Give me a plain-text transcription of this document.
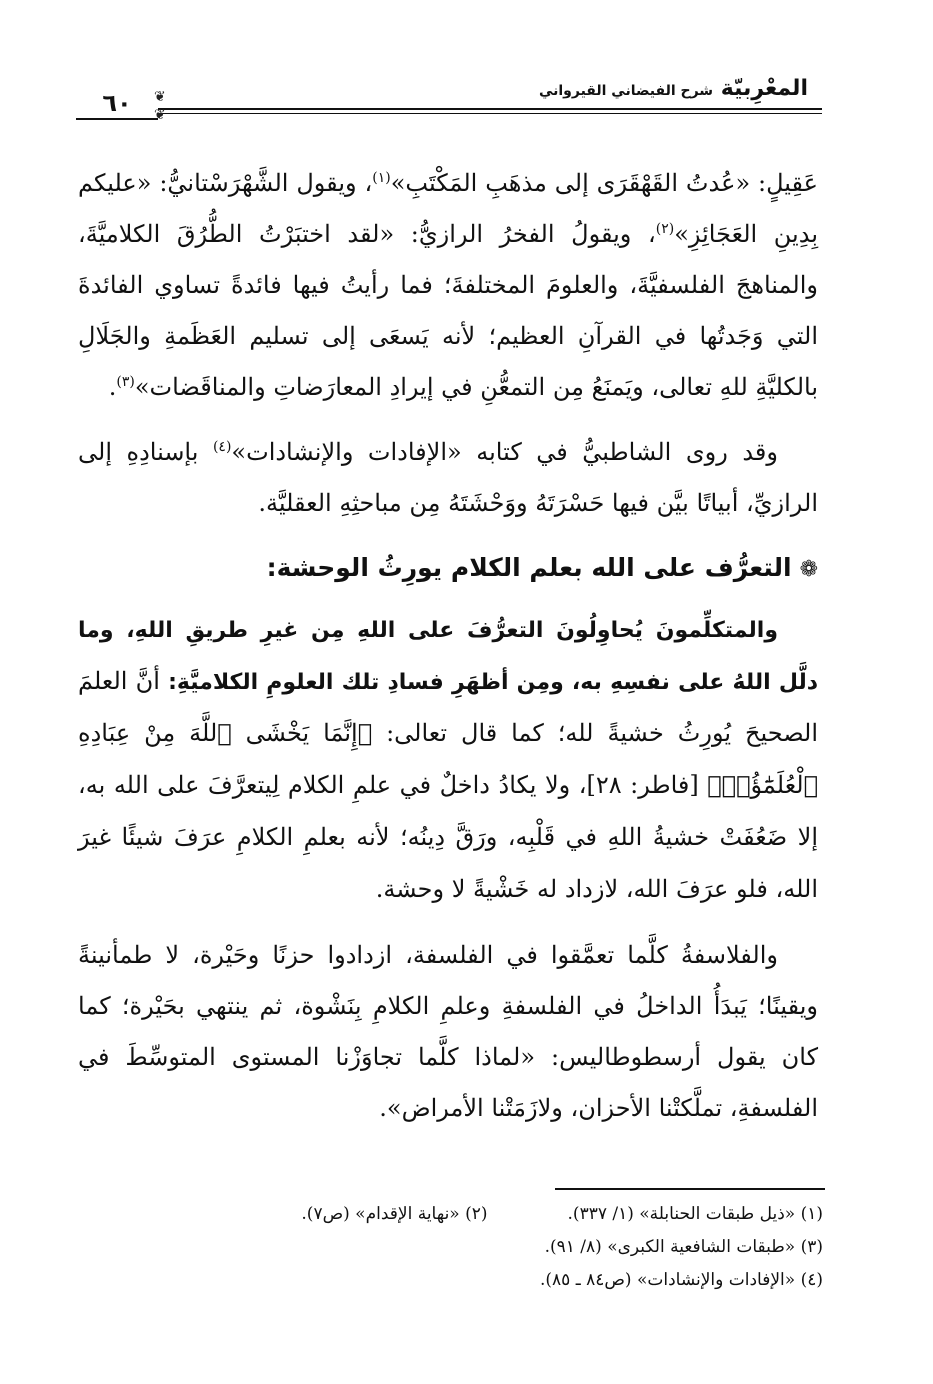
المعْرِبيّة شرح الفيضاني القيرواني
٦٠	❦
❦

عَقِيلٍ: «عُدتُ القَهْقَرَى إلى مذهَبِ المَكْتَبِ»$^{(١)}$، ويقول الشَّهْرَسْتانيُّ: «عليكم بِدِينِ العَجَائِزِ»$^{(٢)}$، ويقولُ الفخرُ الرازيُّ: «لقد اختبَرْتُ الطُّرُقَ الكلاميَّةَ، والمناهجَ الفلسفيَّةَ، والعلومَ المختلفةَ؛ فما رأيتُ فيها فائدةً تساوي الفائدةَ التي وَجَدتُها في القرآنِ العظيم؛ لأنه يَسعَى إلى تسليم العَظَمةِ والجَلَالِ بالكليَّةِ للهِ تعالى، ويَمنَعُ مِن التمعُّنِ في إيرادِ المعارَضاتِ والمناقَضات»$^{(٣)}$.

وقد روى الشاطبيُّ في كتابه «الإفادات والإنشادات»$^{(٤)}$ بإسنادِهِ إلى الرازيِّ، أبياتًا بيَّن فيها حَسْرَتَهُ ووَحْشَتَهُ مِن مباحثِهِ العقليَّة.

❁التعرُّف على الله بعلم الكلام يورِثُ الوحشة:

والمتكلِّمونَ يُحاوِلُونَ التعرُّفَ على اللهِ مِن غيرِ طريقِ اللهِ، وما دلَّل اللهُ على نفسِهِ به، ومِن أظهَرِ فسادِ تلك العلومِ الكلاميَّةِ: أنَّ العلمَ الصحيحَ يُورِثُ خشيةً لله؛ كما قال تعالى: ﴿إِنَّمَا يَخْشَى ٱللَّهَ مِنْ عِبَادِهِ ٱلْعُلَمَٰٓؤُا۟﴾ [فاطر: ٢٨]، ولا يكادُ داخلٌ في علمِ الكلام لِيتعرَّفَ على الله به، إلا ضَعُفَتْ خشيةُ اللهِ في قَلْبِه، ورَقَّ دِينُه؛ لأنه بعلمِ الكلامِ عرَفَ شيئًا غيرَ الله، فلو عرَفَ الله، لازداد له خَشْيةً لا وحشة.

والفلاسفةُ كلَّما تعمَّقوا في الفلسفة، ازدادوا حزنًا وحَيْرة، لا طمأنينةً ويقينًا؛ يَبدَأُ الداخلُ في الفلسفةِ وعلمِ الكلامِ بِنَشْوة، ثم ينتهي بحَيْرة؛ كما كان يقول أرسطوطاليس: «لماذا كلَّما تجاوَزْنا المستوى المتوسِّطَ في الفلسفةِ، تملَّكتْنا الأحزان، ولازَمَتْنا الأمراض».

(١) «ذيل طبقات الحنابلة» (١/ ٣٣٧).(٢) «نهاية الإقدام» (ص٧).
(٣) «طبقات الشافعية الكبرى» (٨/ ٩١).
(٤) «الإفادات والإنشادات» (ص٨٤ ـ ٨٥).
